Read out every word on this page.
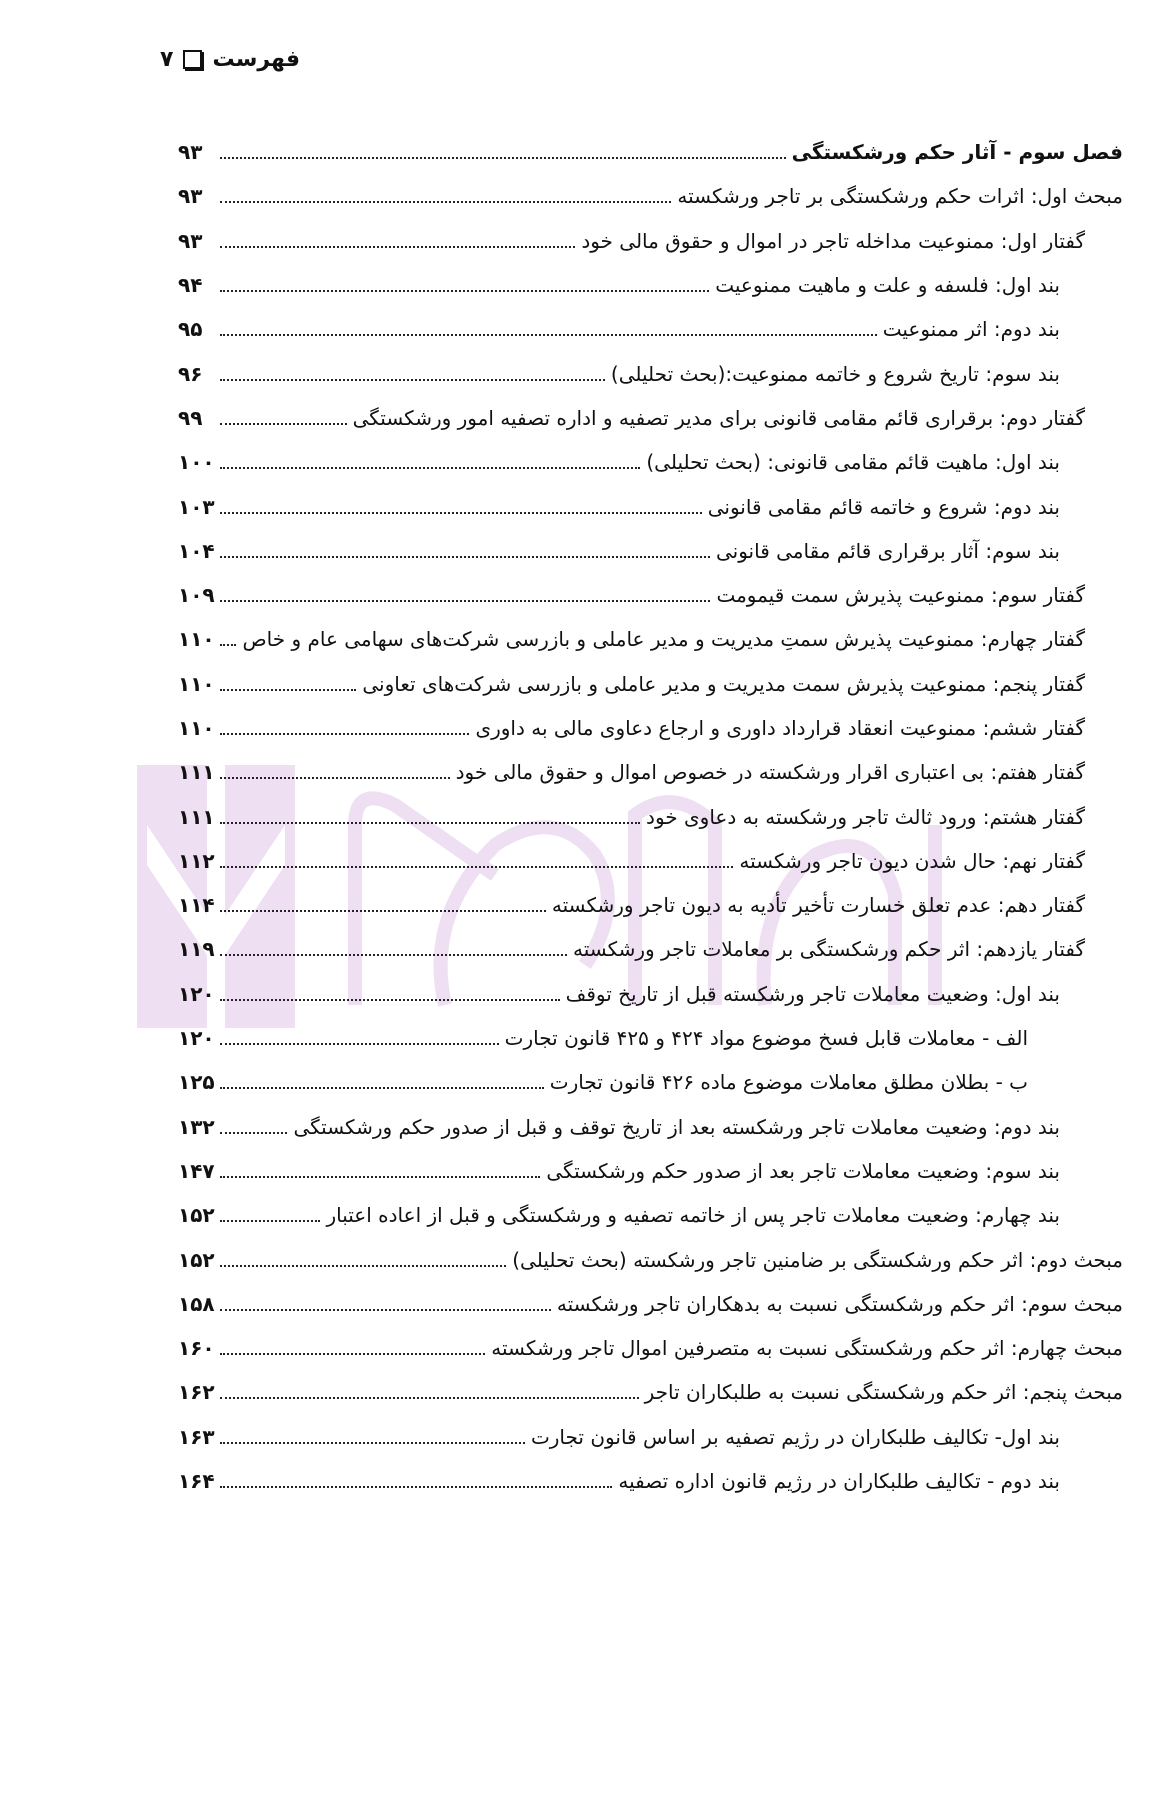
۷ فهرست
فصل سوم - آثار حکم ورشکستگی
۹۳
مبحث اول: اثرات حکم ورشکستگی بر تاجر ورشکسته
۹۳
گفتار اول: ممنوعیت مداخله تاجر در اموال و حقوق مالی خود
۹۳
بند اول: فلسفه و علت و ماهیت ممنوعیت
۹۴
بند دوم: اثر ممنوعیت
۹۵
بند سوم: تاریخ شروع و خاتمه ممنوعیت:(بحث تحلیلی)
۹۶
گفتار دوم: برقراری قائم مقامی قانونی برای مدیر تصفیه و اداره تصفیه امور ورشکستگی
۹۹
بند اول: ماهیت قائم مقامی قانونی: (بحث تحلیلی)
۱۰۰
بند دوم: شروع و خاتمه قائم مقامی قانونی
۱۰۳
بند سوم: آثار برقراری قائم مقامی قانونی
۱۰۴
گفتار سوم: ممنوعیت پذیرش سمت قیمومت
۱۰۹
گفتار چهارم: ممنوعیت پذیرش سمتِ مدیریت و مدیر عاملی و بازرسی شرکت‌های سهامی عام و خاص
۱۱۰
گفتار پنجم: ممنوعیت پذیرش سمت مدیریت و مدیر عاملی و بازرسی شرکت‌های تعاونی
۱۱۰
گفتار ششم: ممنوعیت انعقاد قرارداد داوری و ارجاع دعاوی مالی به داوری
۱۱۰
گفتار هفتم: بی اعتباری اقرار ورشکسته در خصوص اموال و حقوق مالی خود
۱۱۱
گفتار هشتم: ورود ثالث تاجر ورشکسته به دعاوی خود
۱۱۱
گفتار نهم: حال شدن دیون تاجر ورشکسته
۱۱۲
گفتار دهم: عدم تعلق خسارت تأخیر تأدیه به دیون تاجر ورشکسته
۱۱۴
گفتار یازدهم: اثر حکم ورشکستگی بر معاملات تاجر ورشکسته
۱۱۹
بند اول: وضعیت معاملات تاجر ورشکسته قبل از تاریخ توقف
۱۲۰
الف - معاملات قابل فسخ موضوع مواد ۴۲۴ و ۴۲۵ قانون تجارت
۱۲۰
ب - بطلان مطلق معاملات موضوع ماده ۴۲۶ قانون تجارت
۱۲۵
بند دوم: وضعیت معاملات تاجر ورشکسته بعد از تاریخ توقف و قبل از صدور حکم ورشکستگی
۱۳۲
بند سوم: وضعیت معاملات تاجر بعد از صدور حکم ورشکستگی
۱۴۷
بند چهارم: وضعیت معاملات تاجر پس از خاتمه تصفیه و ورشکستگی و قبل از اعاده اعتبار
۱۵۲
مبحث دوم: اثر حکم ورشکستگی بر ضامنین تاجر ورشکسته (بحث تحلیلی)
۱۵۲
مبحث سوم: اثر حکم ورشکستگی نسبت به بدهکاران تاجر ورشکسته
۱۵۸
مبحث چهارم: اثر حکم ورشکستگی نسبت به متصرفین اموال تاجر ورشکسته
۱۶۰
مبحث پنجم: اثر حکم ورشکستگی نسبت به طلبکاران تاجر
۱۶۲
بند اول- تکالیف طلبکاران در رژیم تصفیه بر اساس قانون تجارت
۱۶۳
بند دوم - تکالیف طلبکاران در رژیم قانون اداره تصفیه
۱۶۴
